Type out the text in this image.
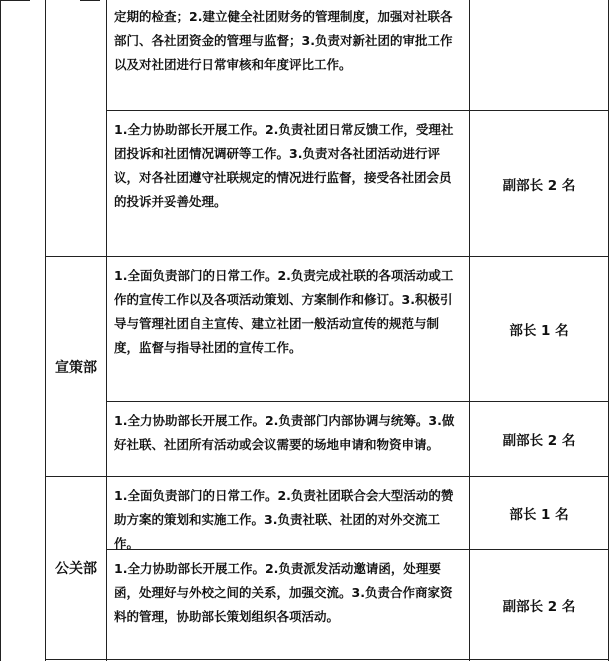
宣策部
公关部
定期的检查；2.建立健全社团财务的管理制度，加强对社联各部门、各社团资金的管理与监督；3.负责对新社团的审批工作以及对社团进行日常审核和年度评比工作。
1.全力协助部长开展工作。2.负责社团日常反馈工作，受理社团投诉和社团情况调研等工作。3.负责对各社团活动进行评议，对各社团遵守社联规定的情况进行监督，接受各社团会员的投诉并妥善处理。
副部长 2 名
1.全面负责部门的日常工作。2.负责完成社联的各项活动或工作的宣传工作以及各项活动策划、方案制作和修订。3.积极引导与管理社团自主宣传、建立社团一般活动宣传的规范与制度，监督与指导社团的宣传工作。
部长 1 名
1.全力协助部长开展工作。2.负责部门内部协调与统筹。3.做好社联、社团所有活动或会议需要的场地申请和物资申请。	副部长 2 名
1.全面负责部门的日常工作。2.负责社团联合会大型活动的赞助方案的策划和实施工作。3.负责社联、社团的对外交流工作。
部长 1 名
1.全力协助部长开展工作。2.负责派发活动邀请函，处理要函，处理好与外校之间的关系，加强交流。3.负责合作商家资料的管理，协助部长策划组织各项活动。
副部长 2 名
